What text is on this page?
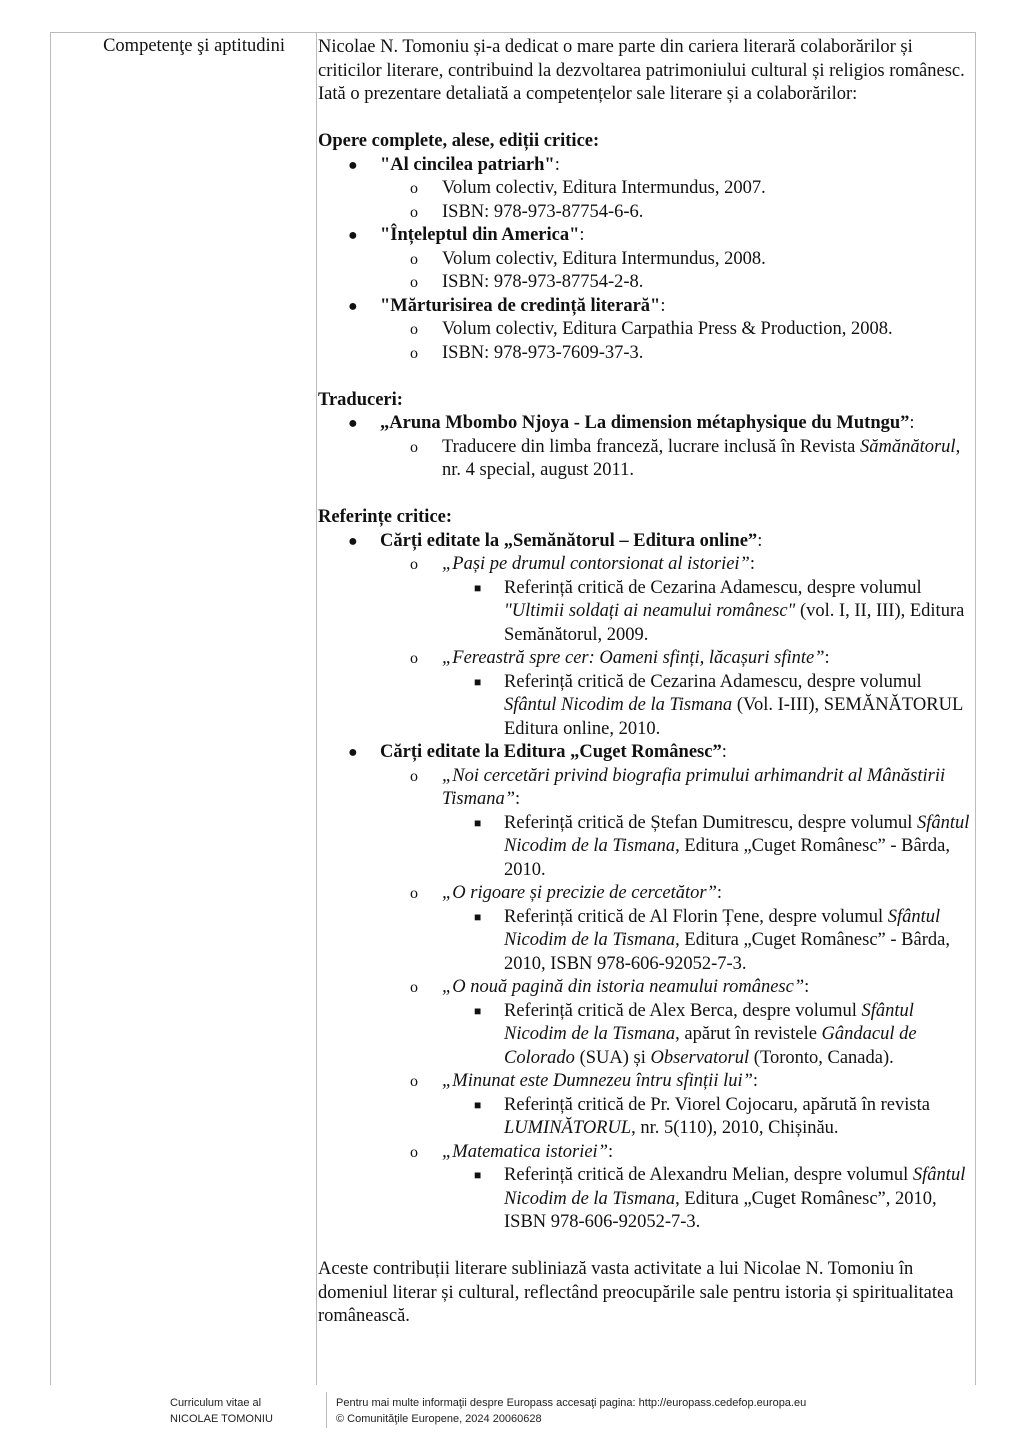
Competenţe şi aptitudini Nicolae N. Tomoniu și-a dedicat o mare parte din cariera literară colaborărilor și criticilor literare, contribuind la dezvoltarea patrimoniului cultural și religios românesc. Iată o prezentare detaliată a competențelor sale literare și a colaborărilor:

Opere complete, alese, ediții critice:

● "Al cincilea patriarh":
o Volum colectiv, Editura Intermundus, 2007.
o ISBN: 978-973-87754-6-6.
● "Înțeleptul din America":
o Volum colectiv, Editura Intermundus, 2008.
o ISBN: 978-973-87754-2-8.
● "Mărturisirea de credință literară":
o Volum colectiv, Editura Carpathia Press & Production, 2008.
o ISBN: 978-973-7609-37-3.

Traduceri:

● „Aruna Mbombo Njoya - La dimension métaphysique du Mutngu”:
o Traducere din limba franceză, lucrare inclusă în Revista Sămănătorul, nr. 4 special, august 2011.

Referințe critice:

● Cărți editate la „Semănătorul – Editura online”:
o „Pași pe drumul contorsionat al istoriei”:
■ Referință critică de Cezarina Adamescu, despre volumul "Ultimii soldați ai neamului românesc" (vol. I, II, III), Editura Semănătorul, 2009.
o „Fereastră spre cer: Oameni sfinți, lăcașuri sfinte”:
■ Referință critică de Cezarina Adamescu, despre volumul Sfântul Nicodim de la Tismana (Vol. I-III), SEMĂNĂTORUL Editura online, 2010.
● Cărți editate la Editura „Cuget Românesc”:
o „Noi cercetări privind biografia primului arhimandrit al Mânăstirii Tismana”:
■ Referință critică de Ștefan Dumitrescu, despre volumul Sfântul Nicodim de la Tismana, Editura „Cuget Românesc” - Bârda, 2010.
o „O rigoare și precizie de cercetător”:
■ Referință critică de Al Florin Țene, despre volumul Sfântul Nicodim de la Tismana, Editura „Cuget Românesc” - Bârda, 2010, ISBN 978-606-92052-7-3.
o „O nouă pagină din istoria neamului românesc”:
■ Referință critică de Alex Berca, despre volumul Sfântul Nicodim de la Tismana, apărut în revistele Gândacul de Colorado (SUA) și Observatorul (Toronto, Canada).
o „Minunat este Dumnezeu întru sfinții lui”:
■ Referință critică de Pr. Viorel Cojocaru, apărută în revista LUMINĂTORUL, nr. 5(110), 2010, Chișinău.
o „Matematica istoriei”:
■ Referință critică de Alexandru Melian, despre volumul Sfântul Nicodim de la Tismana, Editura „Cuget Românesc”, 2010, ISBN 978-606-92052-7-3.

Aceste contribuții literare subliniază vasta activitate a lui Nicolae N. Tomoniu în domeniul literar și cultural, reflectând preocupările sale pentru istoria și spiritualitatea românească.

Curriculum vitae al
NICOLAE TOMONIU
Pentru mai multe informaţii despre Europass accesaţi pagina: http://europass.cedefop.europa.eu
© Comunităţile Europene, 2024 20060628
